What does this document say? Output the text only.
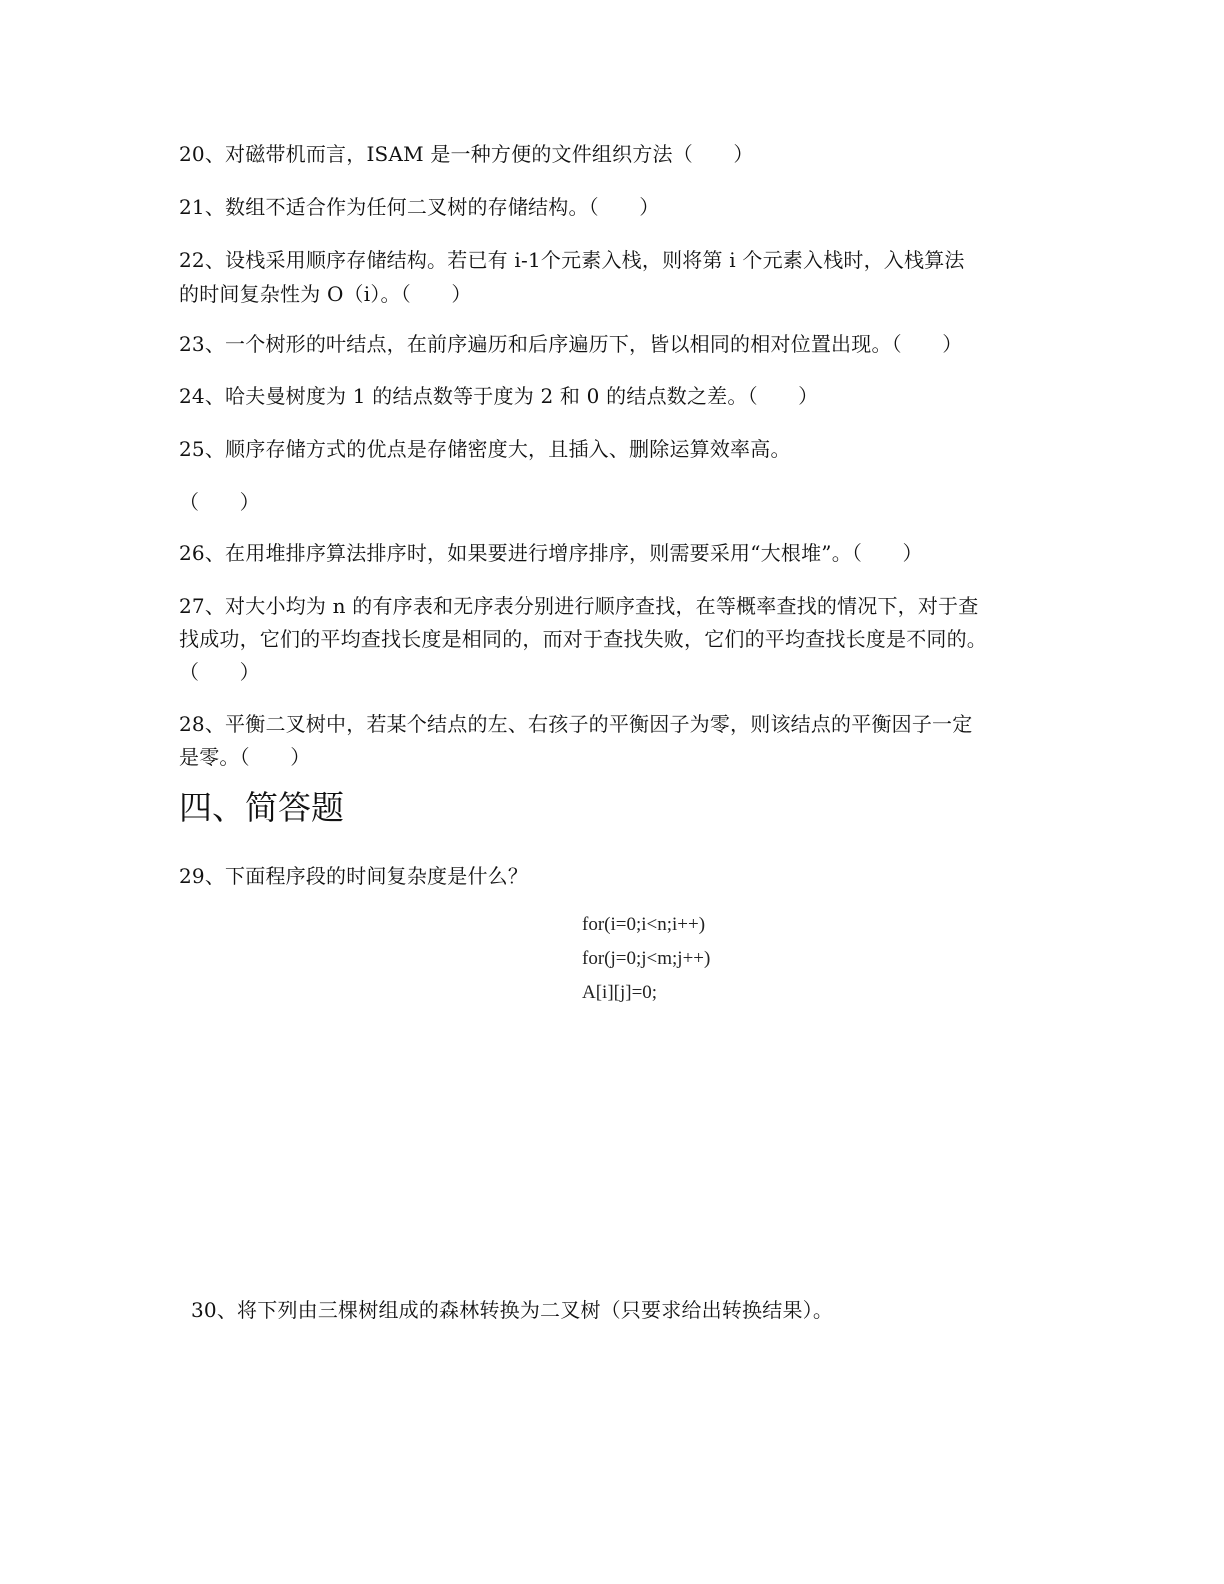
20、对磁带机而言，ISAM 是一种方便的文件组织方法（　　）
21、数组不适合作为任何二叉树的存储结构。（　　）
22、设栈采用顺序存储结构。若已有 i-1个元素入栈，则将第 i 个元素入栈时，入栈算法
的时间复杂性为 O（i）。（　　）
23、一个树形的叶结点，在前序遍历和后序遍历下，皆以相同的相对位置出现。（　　）
24、哈夫曼树度为 1 的结点数等于度为 2 和 0 的结点数之差。（　　）
25、顺序存储方式的优点是存储密度大，且插入、删除运算效率高。
（　　）
26、在用堆排序算法排序时，如果要进行增序排序，则需要采用“大根堆”。（　　）
27、对大小均为 n 的有序表和无序表分别进行顺序查找，在等概率查找的情况下，对于查
找成功，它们的平均查找长度是相同的，而对于查找失败，它们的平均查找长度是不同的。
（　　）
28、平衡二叉树中，若某个结点的左、右孩子的平衡因子为零，则该结点的平衡因子一定
是零。（　　）
四、简答题
29、下面程序段的时间复杂度是什么？
for(i=0;i<n;i++)
for(j=0;j<m;j++)
A[i][j]=0;
30、将下列由三棵树组成的森林转换为二叉树（只要求给出转换结果）。
